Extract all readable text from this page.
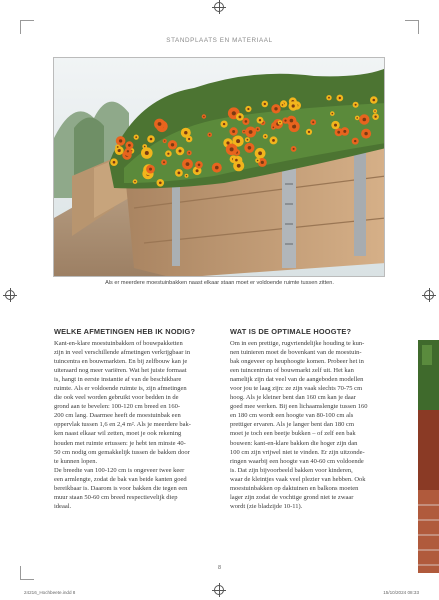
STANDPLAATS EN MATERIAAL
Als er meerdere moestuinbakken naast elkaar staan moet er voldoende ruimte tussen zitten.
WELKE AFMETINGEN HEB IK NODIG?
Kant-en-klare moestuinbakken of bouwpakketten
zijn in veel verschillende afmetingen verkrijgbaar in
tuincentra en bouwmarkten. En bij zelfbouw kan je
uiteraard nog meer variëren. Wat het juiste formaat
is, hangt in eerste instantie af van de beschikbare
ruimte. Als er voldoende ruimte is, zijn afmetingen
die ook veel worden gebruikt voor bedden in de
grond aan te bevelen: 100-120 cm breed en 160-
200 cm lang. Daarmee heeft de moestuinbak een
oppervlak tussen 1,6 en 2,4 m². Als je meerdere bak-
ken naast elkaar wil zetten, moet je ook rekening
houden met ruimte ertussen: je hebt ten minste 40-
50 cm nodig om gemakkelijk tussen de bakken door
te kunnen lopen.
De breedte van 100-120 cm is ongeveer twee keer
een armlengte, zodat de bak van beide kanten goed
bereikbaar is. Daarom is voor bakken die tegen een
muur staan 50-60 cm breed respectievelijk diep
ideaal.
WAT IS DE OPTIMALE HOOGTE?
Om in een prettige, rugvriendelijke houding te kun-
nen tuinieren moet de bovenkant van de moestuin-
bak ongeveer op heuphoogte komen. Probeer het in
een tuincentrum of bouwmarkt zelf uit. Het kan
namelijk zijn dat veel van de aangeboden modellen
voor jou te laag zijn: ze zijn vaak slechts 70-75 cm
hoog. Als je kleiner bent dan 160 cm kan je daar
goed mee werken. Bij een lichaamslengte tussen 160
en 180 cm wordt een hoogte van 80-100 cm als
prettiger ervaren. Als je langer bent dan 180 cm
moet je toch een beetje bukken – of zelf een bak
bouwen: kant-en-klare bakken die hoger zijn dan
100 cm zijn vrijwel niet te vinden. Er zijn uitzonde-
ringen waarbij een hoogte van 40-60 cm voldoende
is. Dat zijn bijvoorbeeld bakken voor kinderen,
waar de kleintjes vaak veel plezier van hebben. Ook
moestuinbakken op daktuinen en balkons moeten
lager zijn zodat de vochtige grond niet te zwaar
wordt (zie bladzijde 10-11).
8
24216_Hochbeete.indd 8	15/10/2024 08:33
